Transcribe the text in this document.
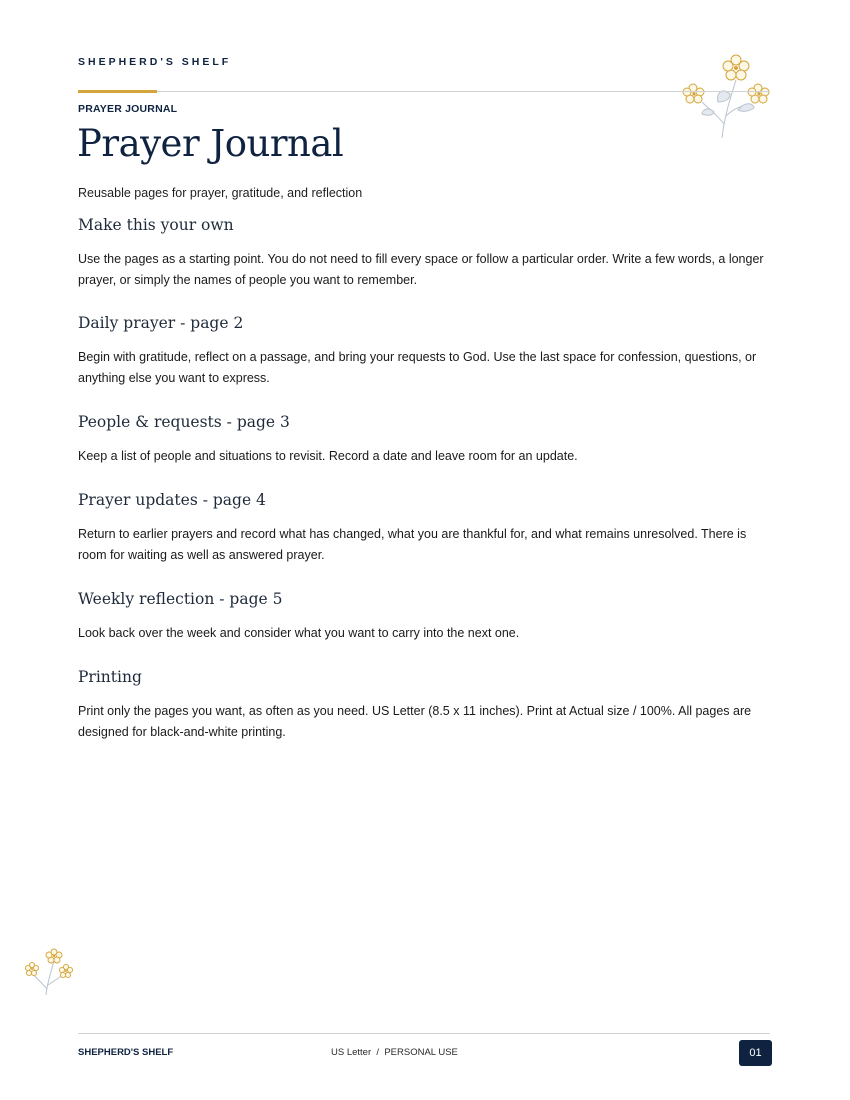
SHEPHERD'S SHELF
PRAYER JOURNAL
Prayer Journal
Reusable pages for prayer, gratitude, and reflection
Make this your own

Use the pages as a starting point. You do not need to fill every space or follow a particular order. Write a few words, a longer prayer, or simply the names of people you want to remember.

Daily prayer - page 2

Begin with gratitude, reflect on a passage, and bring your requests to God. Use the last space for confession, questions, or anything else you want to express.

People & requests - page 3

Keep a list of people and situations to revisit. Record a date and leave room for an update.

Prayer updates - page 4

Return to earlier prayers and record what has changed, what you are thankful for, and what remains unresolved. There is room for waiting as well as answered prayer.

Weekly reflection - page 5

Look back over the week and consider what you want to carry into the next one.

Printing

Print only the pages you want, as often as you need. US Letter (8.5 x 11 inches). Print at Actual size / 100%. All pages are designed for black-and-white printing.

SHEPHERD'S SHELF	US Letter  /  PERSONAL USE	01
